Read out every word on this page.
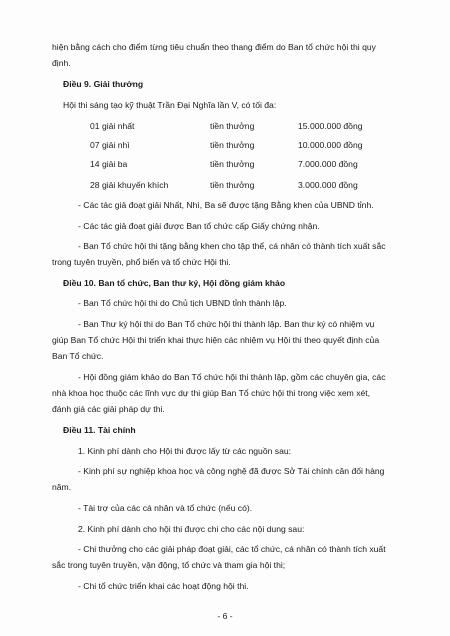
hiện bằng cách cho điểm từng tiêu chuẩn theo thang điểm do Ban tổ chức hội thi quy
định.
Điều 9. Giải thưởng
Hội thi sáng tạo kỹ thuật Trần Đại Nghĩa lần V, có tối đa:
01 giải nhất	tiền thưởng	15.000.000 đồng
07 giải nhì	tiền thưởng	10.000.000 đồng
14 giải ba	tiền thưởng	7.000.000 đồng
28 giải khuyến khích	tiền thưởng	3.000.000 đồng
- Các tác giả đoạt giải Nhất, Nhì, Ba sẽ được tặng Bằng khen của UBND tỉnh.
- Các tác giả đoạt giải được Ban tổ chức cấp Giấy chứng nhận.
- Ban Tổ chức hội thi tặng bằng khen cho tập thể, cá nhân có thành tích xuất sắc
trong tuyên truyền, phổ biến và tổ chức Hội thi.
Điều 10. Ban tổ chức, Ban thư ký, Hội đồng giám khảo
- Ban Tổ chức hội thi do Chủ tịch UBND tỉnh thành lập.
- Ban Thư ký hội thi do Ban Tổ chức hội thi thành lập. Ban thư ký có nhiệm vụ
giúp Ban Tổ chức Hội thi triển khai thực hiện các nhiệm vụ Hội thi theo quyết định của
Ban Tổ chức.
- Hội đồng giám khảo do Ban Tổ chức hội thi thành lập, gồm các chuyên gia, các
nhà khoa học thuộc các lĩnh vực dự thi giúp Ban Tổ chức hội thi trong việc xem xét,
đánh giá các giải pháp dự thi.
Điều 11. Tài chính
1. Kinh phí dành cho Hội thi được lấy từ các nguồn sau:
- Kinh phí sự nghiệp khoa học và công nghệ đã được Sở Tài chính cân đối hàng
năm.
- Tài trợ của các cá nhân và tổ chức (nếu có).
2. Kinh phí dành cho hội thi được chi cho các nội dung sau:
- Chi thưởng cho các giải pháp đoạt giải, các tổ chức, cá nhân có thành tích xuất
sắc trong tuyên truyền, vận động, tổ chức và tham gia hội thi;
- Chi tổ chức triển khai các hoạt động hội thi.
- 6 -
